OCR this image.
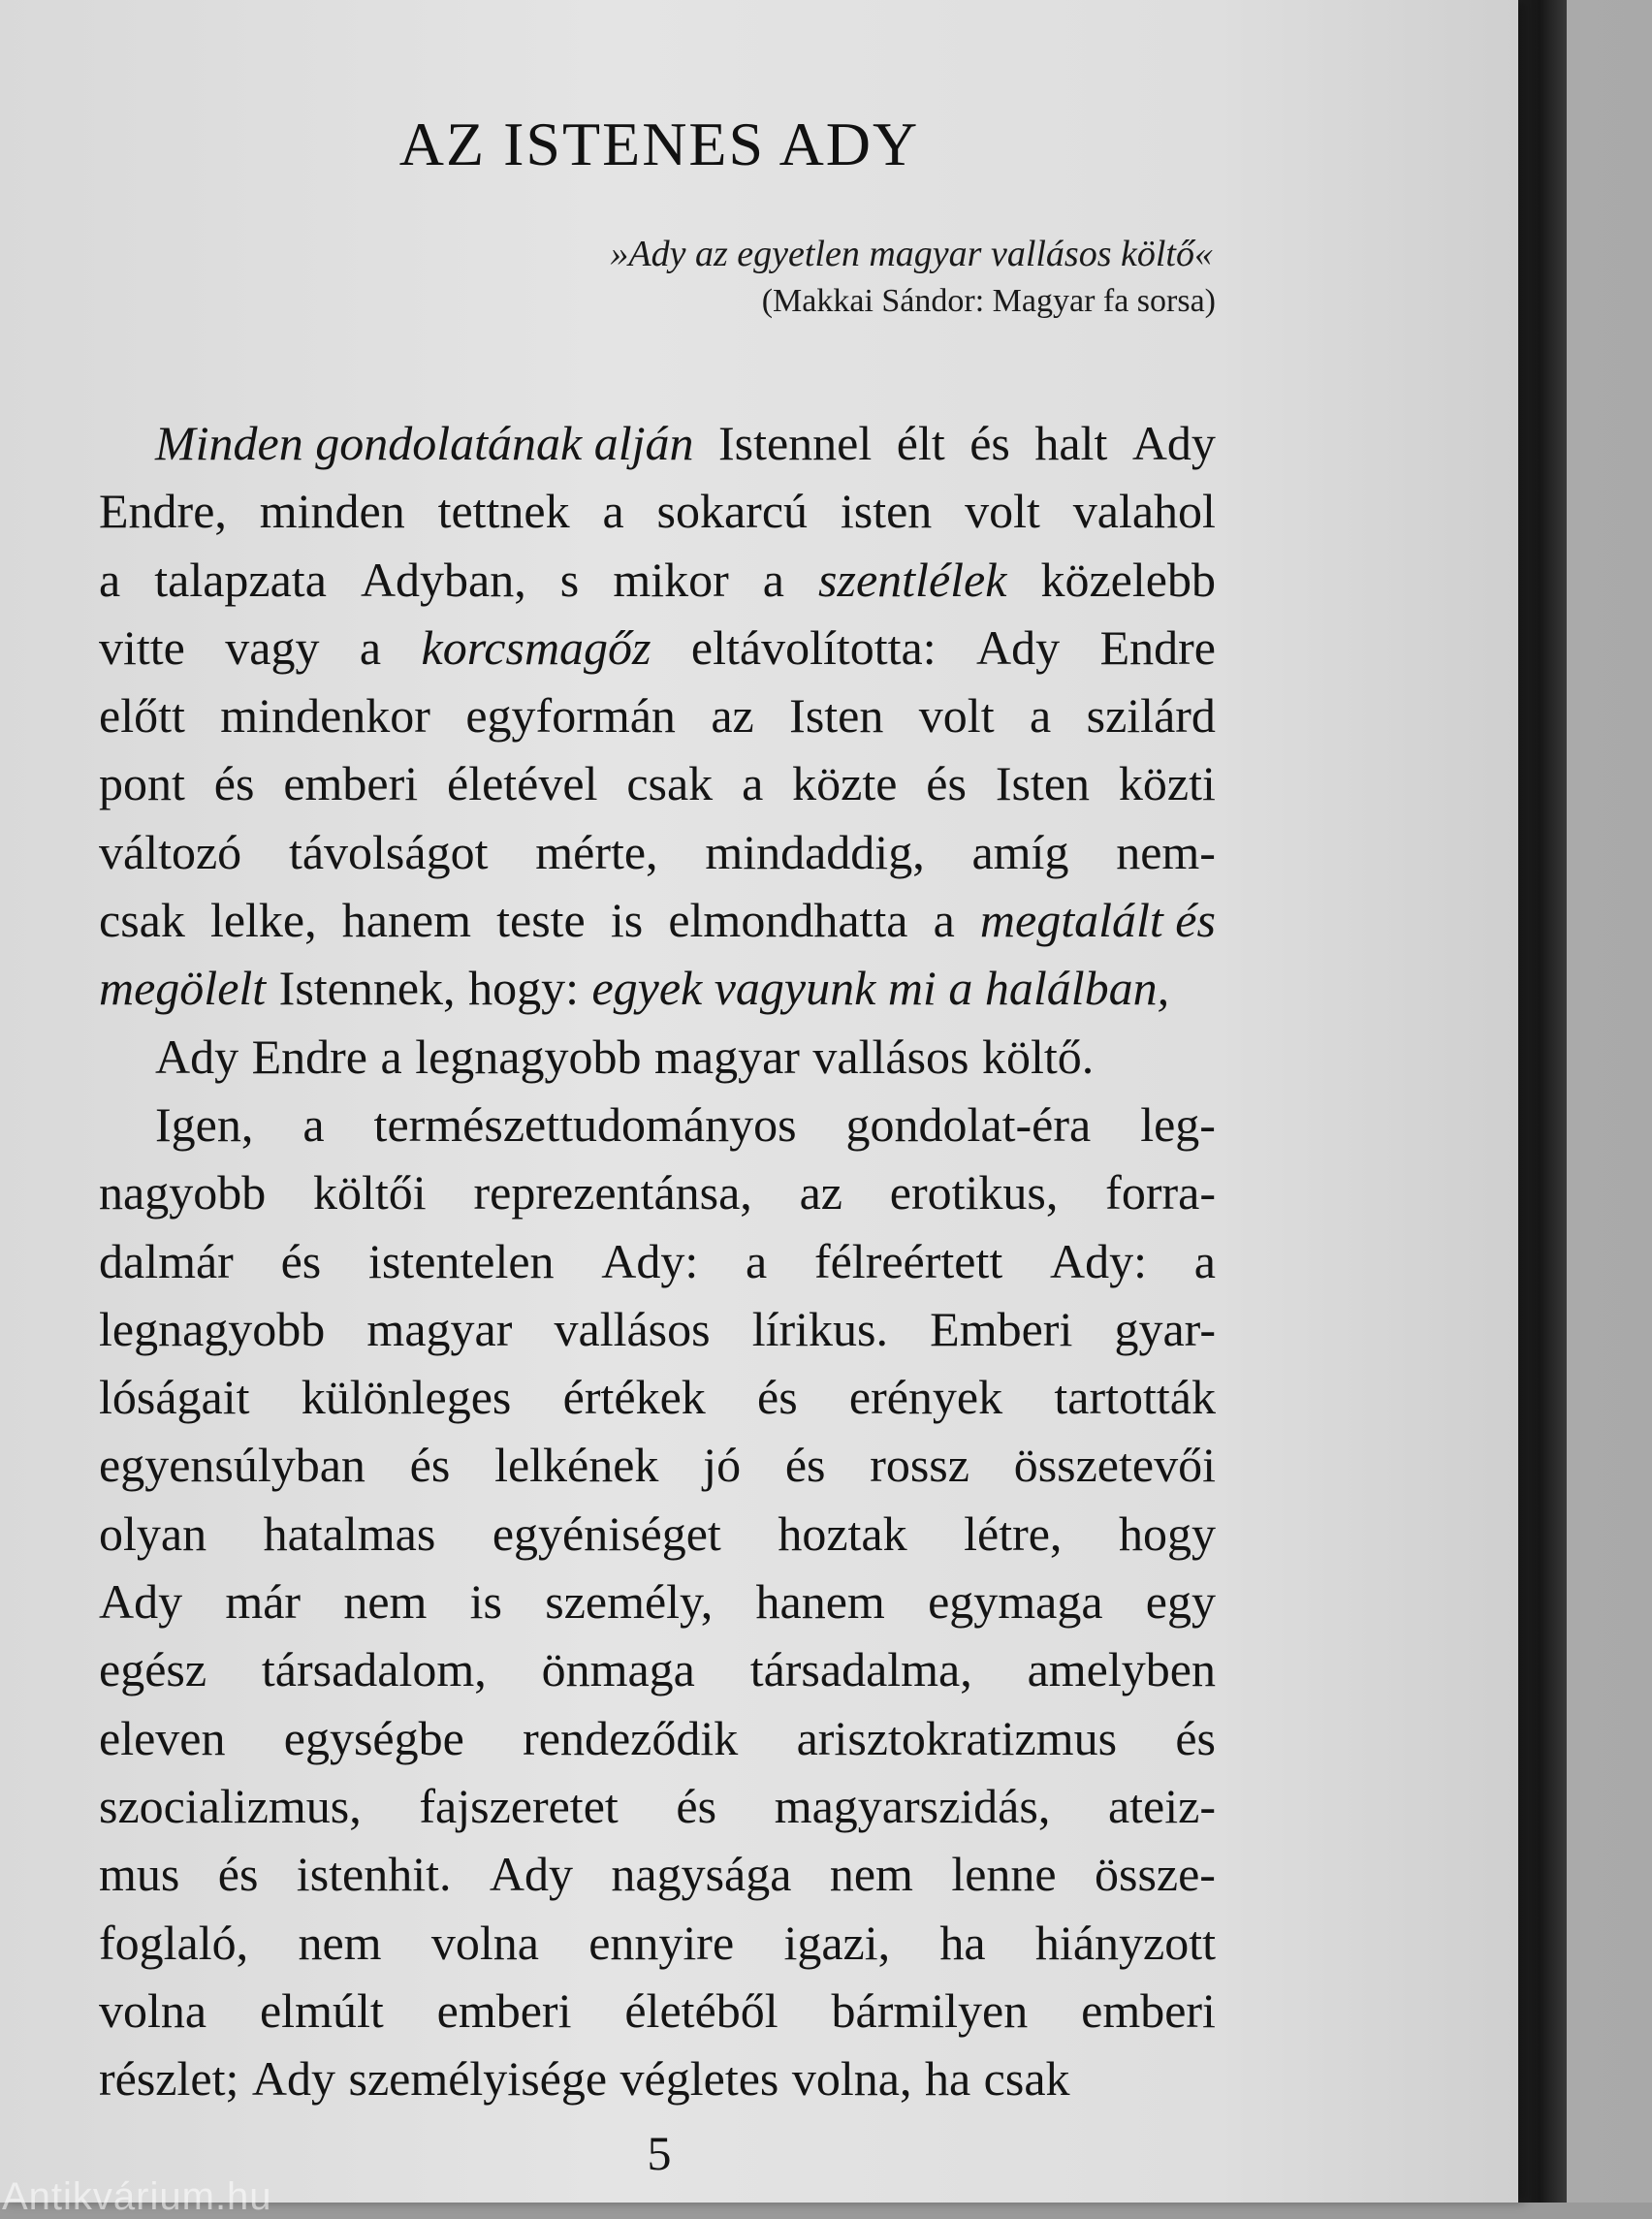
AZ ISTENES ADY
»Ady az egyetlen magyar vallásos költő«
(Makkai Sándor: Magyar fa sorsa)
Minden gondolatának alján Istennel élt és halt Ady
Endre, minden tettnek a sokarcú isten volt valahol
a talapzata Adyban, s mikor a szentlélek közelebb
vitte vagy a korcsmagőz eltávolította: Ady Endre
előtt mindenkor egyformán az Isten volt a szilárd
pont és emberi életével csak a közte és Isten közti
változó távolságot mérte, mindaddig, amíg nem-
csak lelke, hanem teste is elmondhatta a megtalált és
megölelt Istennek, hogy: egyek vagyunk mi a halálban,
Ady Endre a legnagyobb magyar vallásos költő.
Igen, a természettudományos gondolat-éra leg-
nagyobb költői reprezentánsa, az erotikus, forra-
dalmár és istentelen Ady: a félreértett Ady: a
legnagyobb magyar vallásos lírikus. Emberi gyar-
lóságait különleges értékek és erények tartották
egyensúlyban és lelkének jó és rossz összetevői
olyan hatalmas egyéniséget hoztak létre, hogy
Ady már nem is személy, hanem egymaga egy
egész társadalom, önmaga társadalma, amelyben
eleven egységbe rendeződik arisztokratizmus és
szocializmus, fajszeretet és magyarszidás, ateiz-
mus és istenhit. Ady nagysága nem lenne össze-
foglaló, nem volna ennyire igazi, ha hiányzott
volna elmúlt emberi életéből bármilyen emberi
részlet; Ady személyisége végletes volna, ha csak
5
Antikvárium.hu
